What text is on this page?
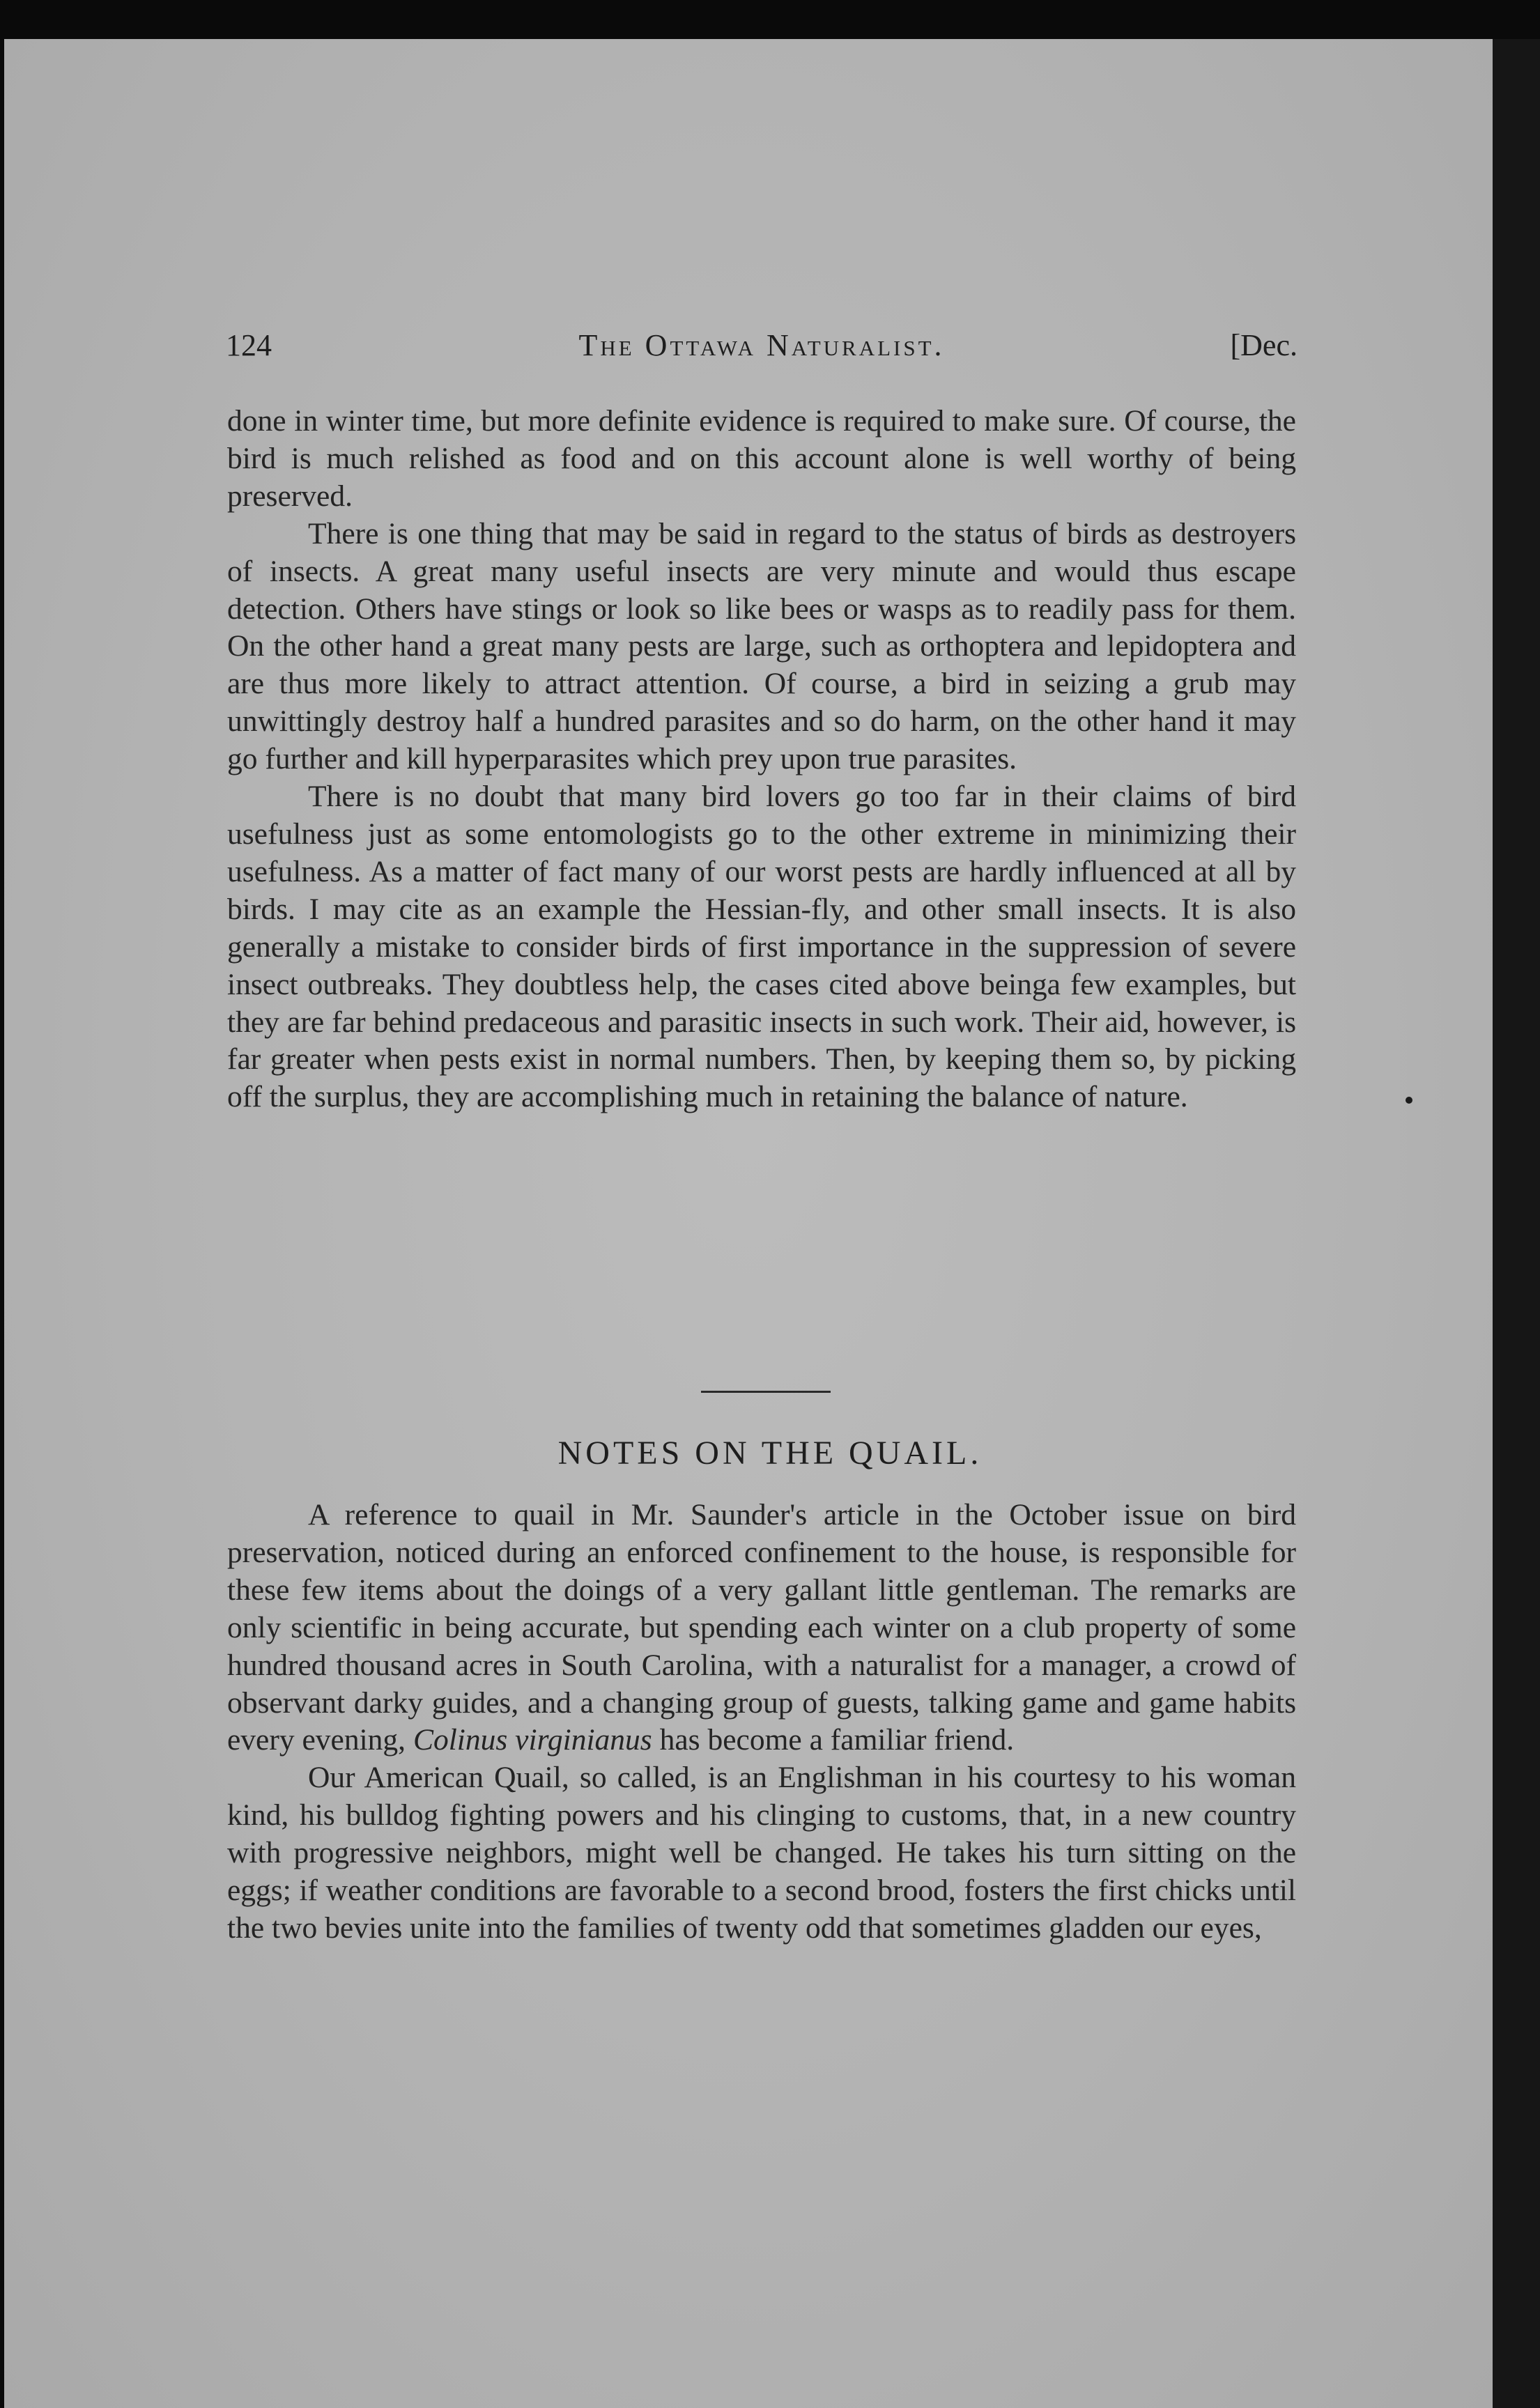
124	The Ottawa Naturalist.	[Dec.

done in winter time, but more definite evidence is required to make sure. Of course, the bird is much relished as food and on this account alone is well worthy of being preserved.

There is one thing that may be said in regard to the status of birds as destroyers of insects. A great many useful insects are very minute and would thus escape detection. Others have stings or look so like bees or wasps as to readily pass for them. On the other hand a great many pests are large, such as orthoptera and lepidoptera and are thus more likely to attract attention. Of course, a bird in seizing a grub may unwittingly destroy half a hundred parasites and so do harm, on the other hand it may go further and kill hyperparasites which prey upon true parasites.

There is no doubt that many bird lovers go too far in their claims of bird usefulness just as some entomologists go to the other extreme in minimizing their usefulness. As a matter of fact many of our worst pests are hardly influenced at all by birds. I may cite as an example the Hessian-fly, and other small insects. It is also generally a mistake to consider birds of first importance in the suppression of severe insect outbreaks. They doubtless help, the cases cited above beinga few examples, but they are far behind predaceous and parasitic insects in such work. Their aid, however, is far greater when pests exist in normal numbers. Then, by keeping them so, by picking off the surplus, they are accomplishing much in retaining the balance of nature.

NOTES ON THE QUAIL.

A reference to quail in Mr. Saunder's article in the October issue on bird preservation, noticed during an enforced confinement to the house, is responsible for these few items about the doings of a very gallant little gentleman. The remarks are only scientific in being accurate, but spending each winter on a club property of some hundred thousand acres in South Carolina, with a naturalist for a manager, a crowd of observant darky guides, and a changing group of guests, talking game and game habits every evening, Colinus virginianus has become a familiar friend.

Our American Quail, so called, is an Englishman in his courtesy to his woman kind, his bulldog fighting powers and his clinging to customs, that, in a new country with progressive neighbors, might well be changed. He takes his turn sitting on the eggs; if weather conditions are favorable to a second brood, fosters the first chicks until the two bevies unite into the families of twenty odd that sometimes gladden our eyes,
